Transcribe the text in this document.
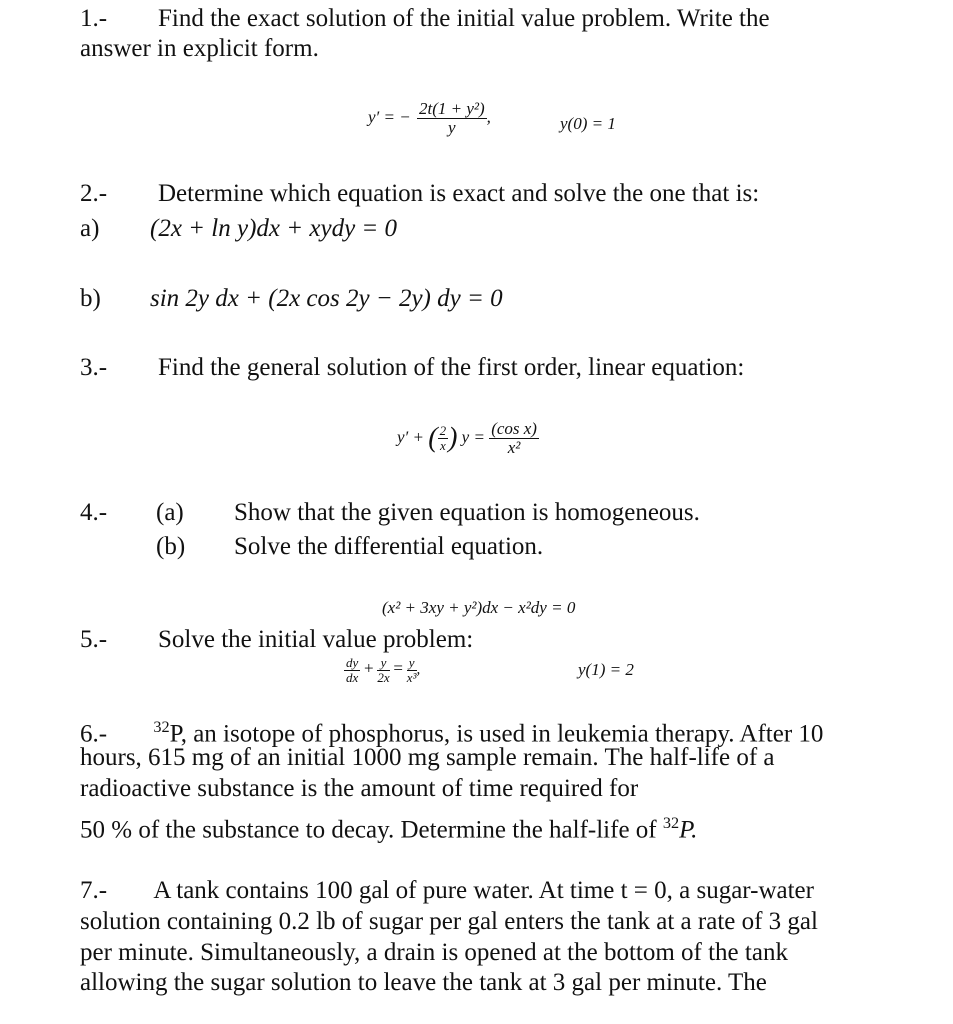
1.- Find the exact solution of the initial value problem. Write the
answer in explicit form.
y′ = − $\frac{\text{2t(1 + y²)}}{y}$ ,	y(0) = 1
2.- Determine which equation is exact and solve the one that is:
a) (2x + ln y)dx + xydy = 0
b) sin 2y dx + (2x cos 2y − 2y) dy = 0
3.- Find the general solution of the first order, linear equation:
y′ + ( $\frac{2}{x}$ ) $y = \frac{\text{(cos x)}}{\text{x²}}$
4.- (a) Show that the given equation is homogeneous.
(b) Solve the differential equation.
(x² + 3xy + y²)dx − x²dy = 0
5.- Solve the initial value problem:
$\frac{dy}{dx} + \frac{y}{2x} = \frac{y}{\text{x³}}$ ,	y(1) = 2
6.-	$^{32}$P, an isotope of phosphorus, is used in leukemia therapy. After 10
hours, 615 mg of an initial 1000 mg sample remain. The half-life of a
radioactive substance is the amount of time required for
50 % of the substance to decay. Determine the half-life of $^{32}$P.
7.- A tank contains 100 gal of pure water. At time t = 0, a sugar-water
solution containing 0.2 lb of sugar per gal enters the tank at a rate of 3 gal
per minute. Simultaneously, a drain is opened at the bottom of the tank
allowing the sugar solution to leave the tank at 3 gal per minute. The
